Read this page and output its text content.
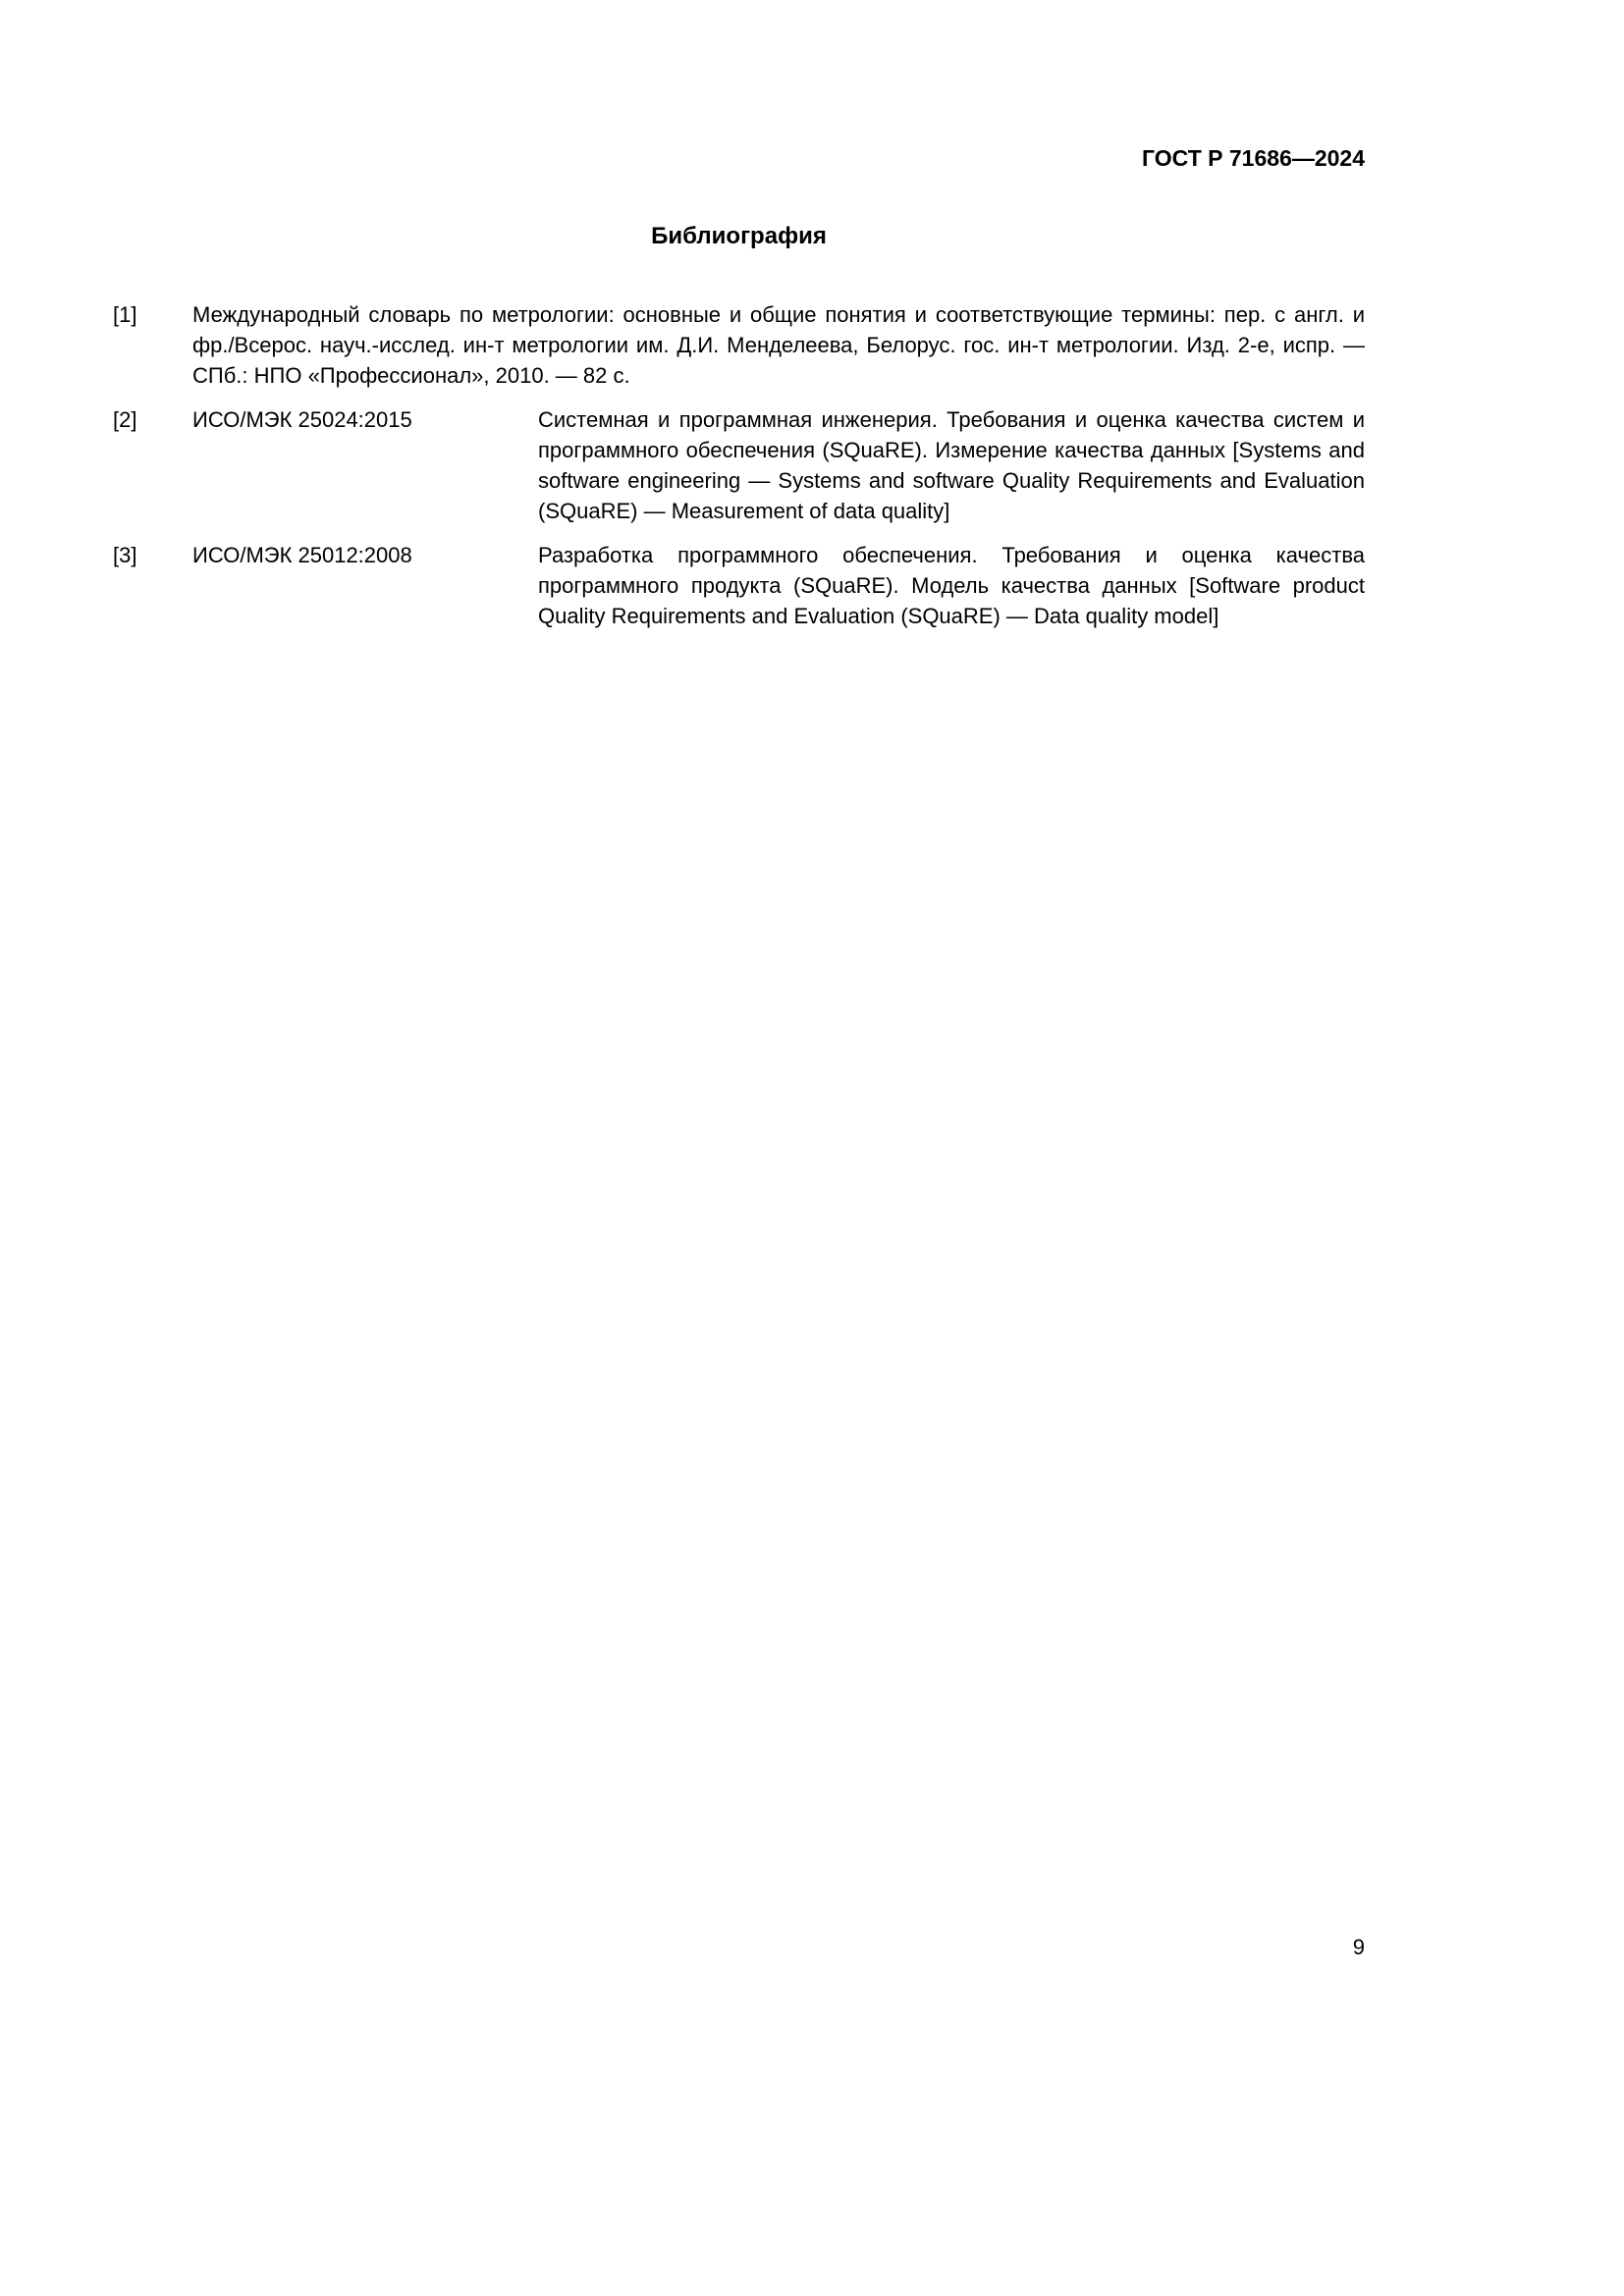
ГОСТ Р 71686—2024
Библиография
[1]	Международный словарь по метрологии: основные и общие понятия и соответствующие термины: пер. с англ. и фр./Всерос. науч.-исслед. ин-т метрологии им. Д.И. Менделеева, Белорус. гос. ин-т метрологии. Изд. 2-е, испр. — СПб.: НПО «Профессионал», 2010. — 82 с.
[2]	ИСО/МЭК 25024:2015	Системная и программная инженерия. Требования и оценка качества систем и программного обеспечения (SQuaRE). Измерение качества данных [Systems and software engineering — Systems and software Quality Requirements and Evaluation (SQuaRE) — Measurement of data quality]
[3]	ИСО/МЭК 25012:2008	Разработка программного обеспечения. Требования и оценка качества программного продукта (SQuaRE). Модель качества данных [Software product Quality Requirements and Evaluation (SQuaRE) — Data quality model]
9
